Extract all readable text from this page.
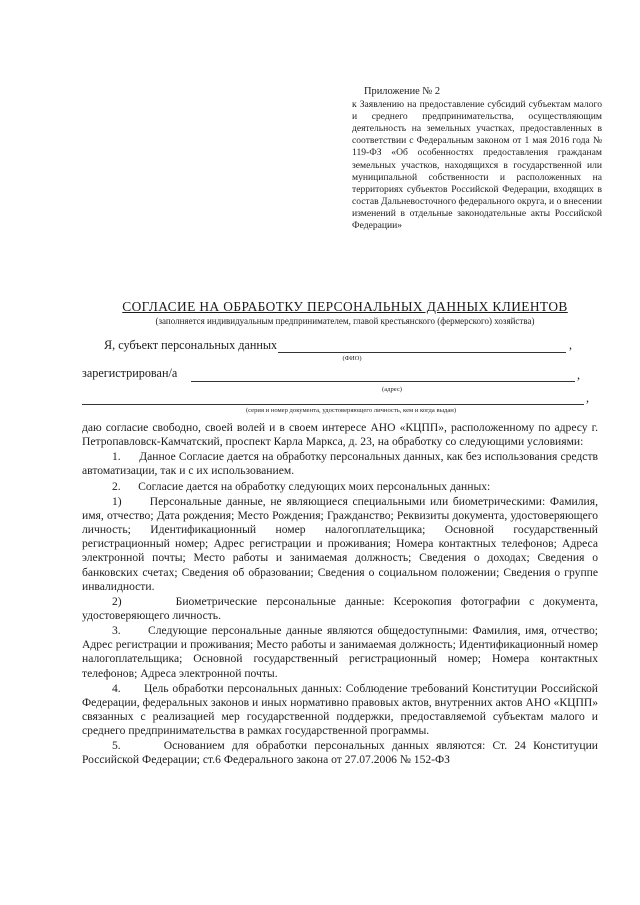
Приложение № 2
к Заявлению на предоставление субсидий субъектам малого и среднего предпринимательства, осуществляющим деятельность на земельных участках, предоставленных в соответствии с Федеральным законом от 1 мая 2016 года № 119-ФЗ «Об особенностях предоставления гражданам земельных участков, находящихся в государственной или муниципальной собственности и расположенных на территориях субъектов Российской Федерации, входящих в состав Дальневосточного федерального округа, и о внесении изменений в отдельные законодательные акты Российской Федерации»
СОГЛАСИЕ НА ОБРАБОТКУ ПЕРСОНАЛЬНЫХ ДАННЫХ КЛИЕНТОВ
(заполняется индивидуальным предпринимателем, главой крестьянского (фермерского) хозяйства)
Я, субъект персональных данных	,
(ФИО)
зарегистрирован/а	,
(адрес)
,
(серия и номер документа, удостоверяющего личность, кем и когда выдан)

даю согласие свободно, своей волей и в своем интересе АНО «КЦПП», расположенному по адресу г. Петропавловск-Камчатский, проспект Карла Маркса, д. 23, на обработку со следующими условиями:

1.      Данное Согласие дается на обработку персональных данных, как без использования средств автоматизации, так и с их использованием.

2.      Согласие дается на обработку следующих моих персональных данных:

1)      Персональные данные, не являющиеся специальными или биометрическими: Фамилия, имя, отчество; Дата рождения; Место Рождения; Гражданство; Реквизиты документа, удостоверяющего личность; Идентификационный номер налогоплательщика; Основной государственный регистрационный номер; Адрес регистрации и проживания; Номера контактных телефонов; Адреса электронной почты; Место работы и занимаемая должность; Сведения о доходах; Сведения о банковских счетах; Сведения об образовании; Сведения о социальном положении; Сведения о группе инвалидности.

2)      Биометрические персональные данные: Ксерокопия фотографии с документа, удостоверяющего личность.

3.      Следующие персональные данные являются общедоступными: Фамилия, имя, отчество; Адрес регистрации и проживания; Место работы и занимаемая должность; Идентификационный номер налогоплательщика; Основной государственный регистрационный номер; Номера контактных телефонов; Адреса электронной почты.

4.      Цель обработки персональных данных: Соблюдение требований Конституции Российской Федерации, федеральных законов и иных нормативно правовых актов, внутренних актов АНО «КЦПП» связанных с реализацией мер государственной поддержки, предоставляемой субъектам малого и среднего предпринимательства в рамках государственной программы.

5.      Основанием для обработки персональных данных являются: Ст. 24 Конституции Российской Федерации; ст.6 Федерального закона от 27.07.2006 № 152-ФЗ
